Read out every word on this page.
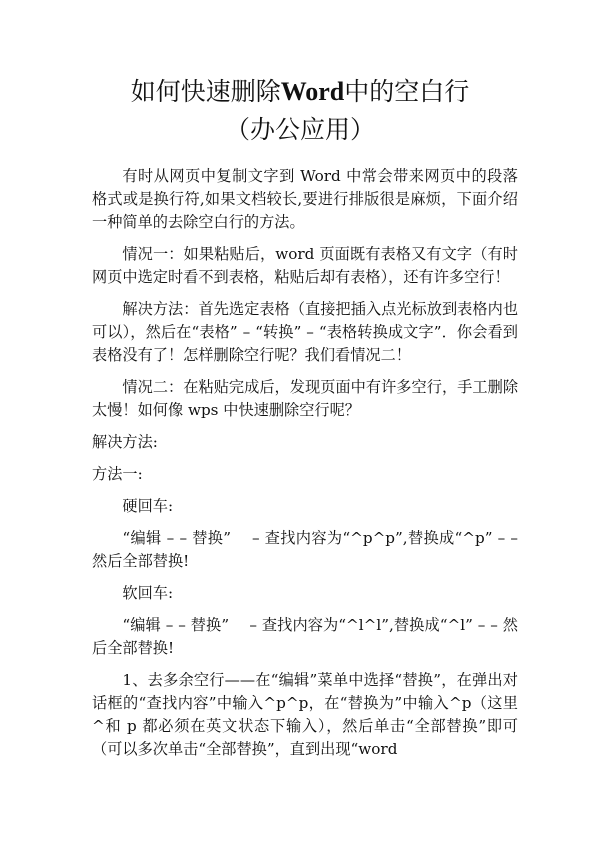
如何快速删除Word中的空白行
（办公应用）

有时从网页中复制文字到 Word 中常会带来网页中的段落格式或是换行符,如果文档较长,要进行排版很是麻烦，下面介绍一种简单的去除空白行的方法。

情况一：如果粘贴后，word 页面既有表格又有文字（有时网页中选定时看不到表格，粘贴后却有表格），还有许多空行！

解决方法：首先选定表格（直接把插入点光标放到表格内也可以），然后在“表格” – “转换” – “表格转换成文字”．你会看到表格没有了！怎样删除空行呢？我们看情况二！

情况二：在粘贴完成后，发现页面中有许多空行，手工删除太慢！如何像 wps 中快速删除空行呢？

解决方法:

方法一:

硬回车:

“编辑 – – 替换”　 – 查找内容为“^p^p”,替换成“^p” – – 然后全部替换!

软回车:

“编辑 – – 替换”　 – 查找内容为“^l^l”,替换成“^l” – – 然后全部替换!

1、去多余空行——在“编辑”菜单中选择“替换”，在弹出对话框的“查找内容”中输入^p^p，在“替换为”中输入^p（这里^和 p 都必须在英文状态下输入），然后单击“全部替换”即可（可以多次单击“全部替换”，直到出现“word
